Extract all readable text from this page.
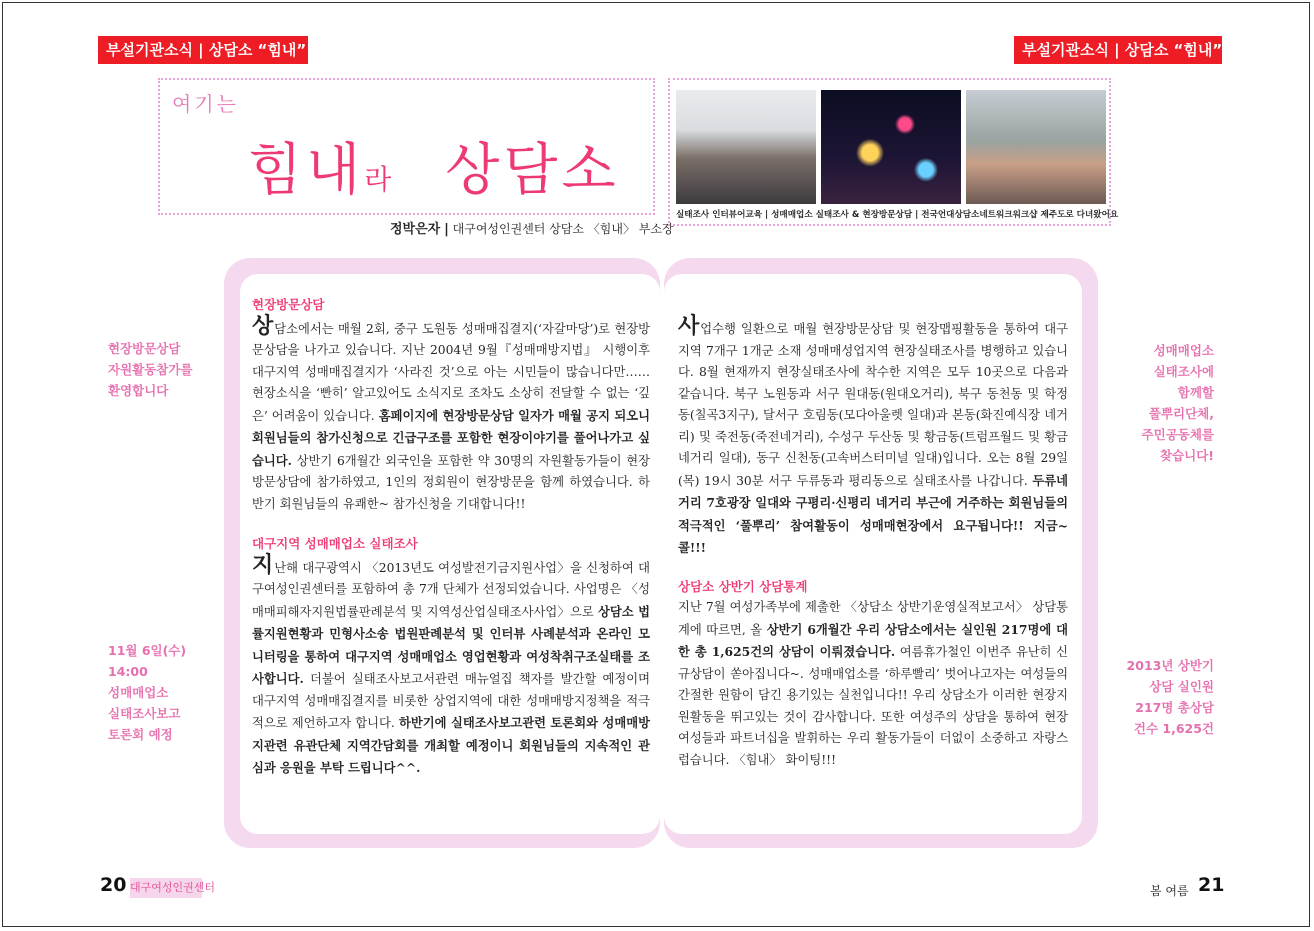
부설기관소식 | 상담소 “힘내”	부설기관소식 | 상담소 “힘내”
여기는
힘내라 상담소
정박은자 | 대구여성인권센터 상담소 〈힘내〉 부소장
실태조사 인터뷰어교육 | 성매매업소 실태조사 & 현장방문상담 | 전국언대상담소네트워크워크샵 제주도로 다녀왔어요
현장방문상담
자원활동참가를
환영합니다
11월 6일(수)
14:00
성매매업소
실태조사보고
토론회 예정
성매매업소
실태조사에
함께할
풀뿌리단체,
주민공동체를
찾습니다!
2013년 상반기
상담 실인원
217명 총상담
건수 1,625건
현장방문상담

상담소에서는 매월 2회, 중구 도원동 성매매집결지(‘자갈마당’)로 현장방문상담을 나가고 있습니다. 지난 2004년 9월『성매매방지법』 시행이후 대구지역 성매매집결지가 ‘사라진 것’으로 아는 시민들이 많습니다만…… 현장소식을 ‘빤히’ 알고있어도 소식지로 조차도 소상히 전달할 수 없는 ‘깊은’ 어려움이 있습니다. 홈페이지에 현장방문상담 일자가 매월 공지 되오니 회원님들의 참가신청으로 긴급구조를 포함한 현장이야기를 풀어나가고 싶습니다. 상반기 6개월간 외국인을 포함한 약 30명의 자원활동가들이 현장방문상담에 참가하였고, 1인의 정회원이 현장방문을 함께 하였습니다. 하반기 회원님들의 유쾌한~ 참가신청을 기대합니다!!

대구지역 성매매업소 실태조사

지난해 대구광역시 〈2013년도 여성발전기금지원사업〉을 신청하여 대구여성인권센터를 포함하여 총 7개 단체가 선정되었습니다. 사업명은 〈성매매피해자지원법률판례분석 및 지역성산업실태조사사업〉으로 상담소 법률지원현황과 민형사소송 법원판례분석 및 인터뷰 사례분석과 온라인 모니터링을 통하여 대구지역 성매매업소 영업현황과 여성착취구조실태를 조사합니다. 더불어 실태조사보고서관련 매뉴얼집 책자를 발간할 예정이며 대구지역 성매매집결지를 비롯한 상업지역에 대한 성매매방지정책을 적극적으로 제언하고자 합니다. 하반기에 실태조사보고관련 토론회와 성매매방지관련 유관단체 지역간담회를 개최할 예정이니 회원님들의 지속적인 관심과 응원을 부탁 드립니다^^.

사업수행 일환으로 매월 현장방문상담 및 현장맵핑활동을 통하여 대구지역 7개구 1개군 소재 성매매성업지역 현장실태조사를 병행하고 있습니다. 8월 현재까지 현장실태조사에 착수한 지역은 모두 10곳으로 다음과 같습니다. 북구 노원동과 서구 원대동(원대오거리), 북구 동천동 및 학정동(칠곡3지구), 달서구 호림동(모다아울렛 일대)과 본동(화진예식장 네거리) 및 죽전동(죽전네거리), 수성구 두산동 및 황금동(트럼프월드 및 황금네거리 일대), 동구 신천동(고속버스터미널 일대)입니다. 오는 8월 29일(목) 19시 30분 서구 두류동과 평리동으로 실태조사를 나갑니다. 두류네거리 7호광장 일대와 구평리·신평리 네거리 부근에 거주하는 회원님들의 적극적인 ‘풀뿌리’ 참여활동이 성매매현장에서 요구됩니다!! 지금~ 콜!!!

상담소 상반기 상담통계

지난 7월 여성가족부에 제출한 〈상담소 상반기운영실적보고서〉 상담통계에 따르면, 올 상반기 6개월간 우리 상담소에서는 실인원 217명에 대한 총 1,625건의 상담이 이뤄졌습니다. 여름휴가철인 이번주 유난히 신규상담이 쏟아집니다~. 성매매업소를 ‘하루빨리’ 벗어나고자는 여성들의 간절한 원함이 담긴 용기있는 실천입니다!! 우리 상담소가 이러한 현장지원활동을 뛰고있는 것이 감사합니다. 또한 여성주의 상담을 통하여 현장여성들과 파트너십을 발휘하는 우리 활동가들이 더없이 소중하고 자랑스럽습니다. 〈힘내〉 화이팅!!!

20 대구여성인권센터	봄 여름 21
